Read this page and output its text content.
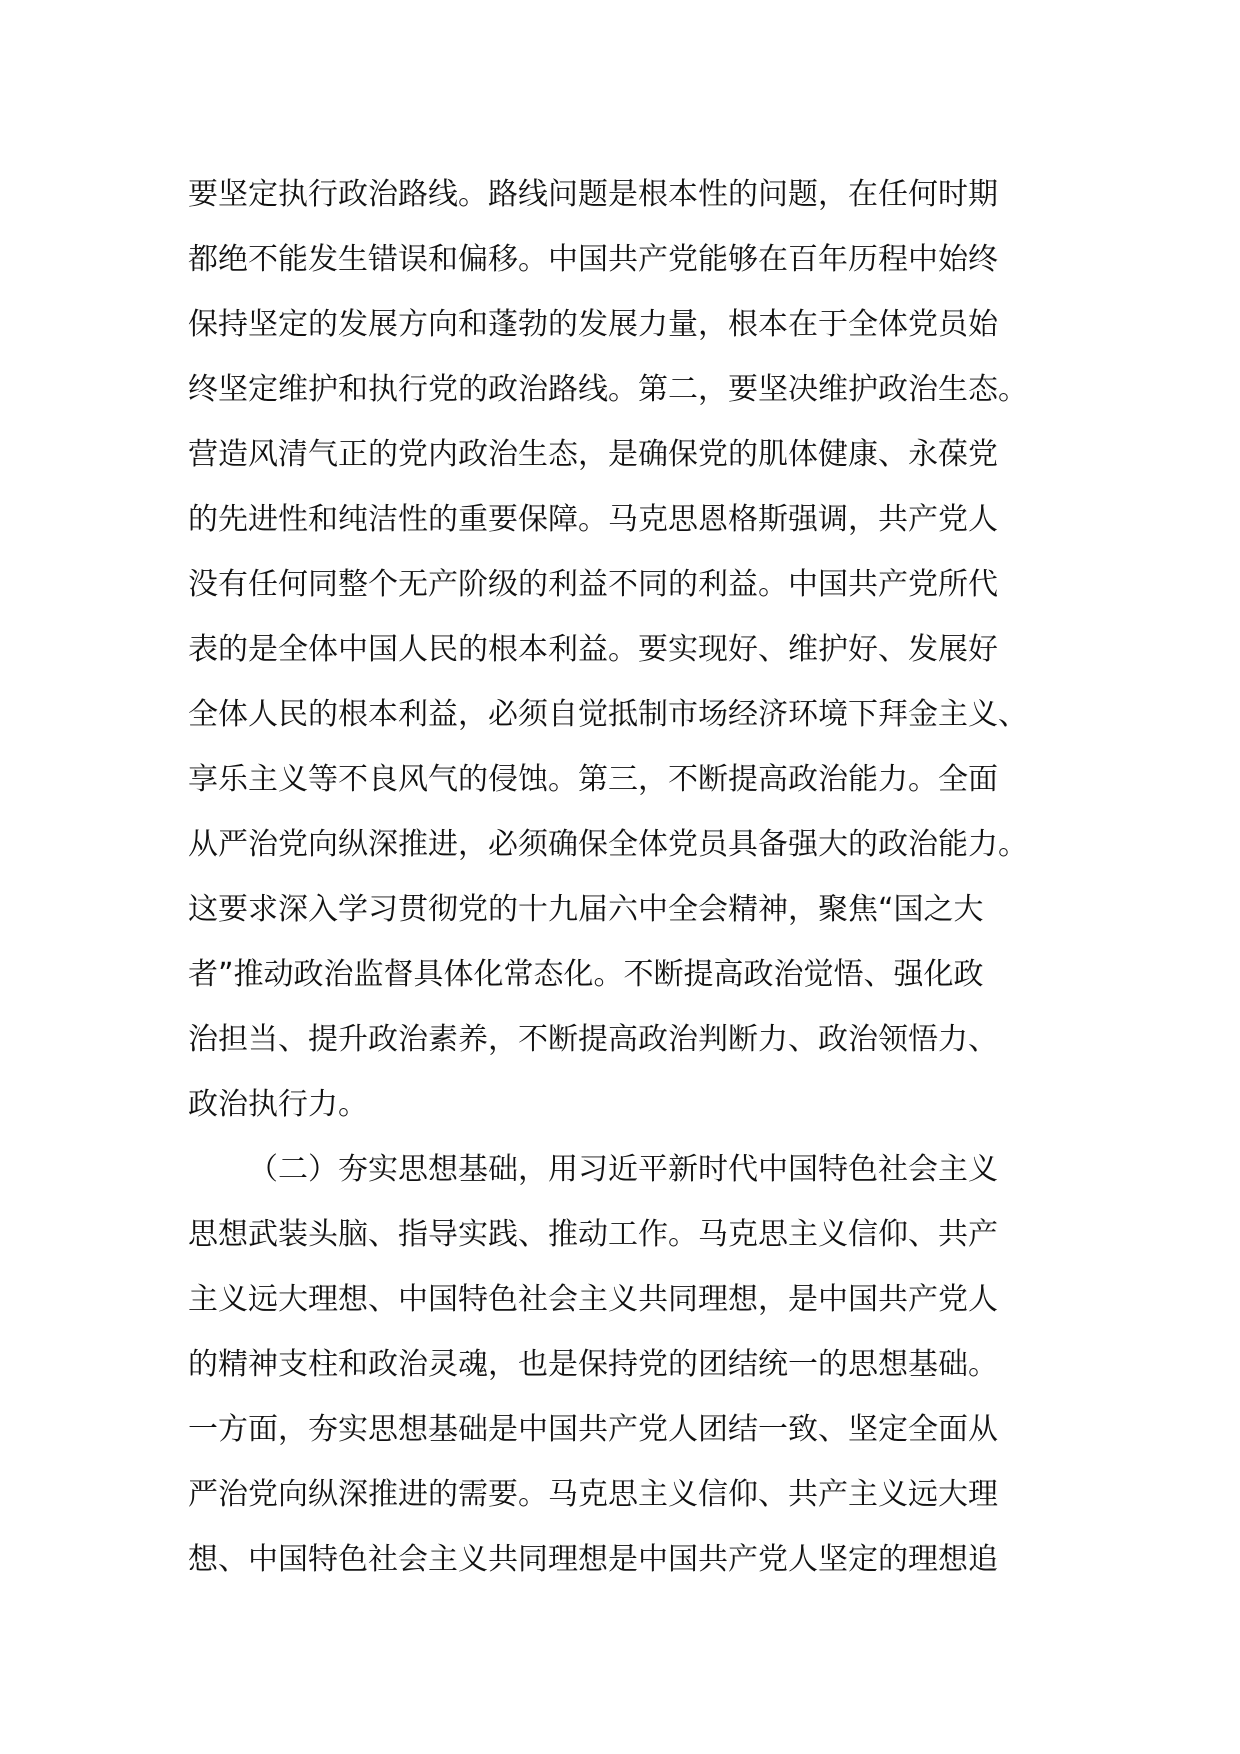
要坚定执行政治路线。路线问题是根本性的问题，在任何时期
都绝不能发生错误和偏移。中国共产党能够在百年历程中始终
保持坚定的发展方向和蓬勃的发展力量，根本在于全体党员始
终坚定维护和执行党的政治路线。第二，要坚决维护政治生态。
营造风清气正的党内政治生态，是确保党的肌体健康、永葆党
的先进性和纯洁性的重要保障。马克思恩格斯强调，共产党人
没有任何同整个无产阶级的利益不同的利益。中国共产党所代
表的是全体中国人民的根本利益。要实现好、维护好、发展好
全体人民的根本利益，必须自觉抵制市场经济环境下拜金主义、
享乐主义等不良风气的侵蚀。第三，不断提高政治能力。全面
从严治党向纵深推进，必须确保全体党员具备强大的政治能力。
这要求深入学习贯彻党的十九届六中全会精神，聚焦“国之大
者”推动政治监督具体化常态化。不断提高政治觉悟、强化政
治担当、提升政治素养，不断提高政治判断力、政治领悟力、
政治执行力。
（二）夯实思想基础，用习近平新时代中国特色社会主义
思想武装头脑、指导实践、推动工作。马克思主义信仰、共产
主义远大理想、中国特色社会主义共同理想，是中国共产党人
的精神支柱和政治灵魂，也是保持党的团结统一的思想基础。
一方面，夯实思想基础是中国共产党人团结一致、坚定全面从
严治党向纵深推进的需要。马克思主义信仰、共产主义远大理
想、中国特色社会主义共同理想是中国共产党人坚定的理想追
